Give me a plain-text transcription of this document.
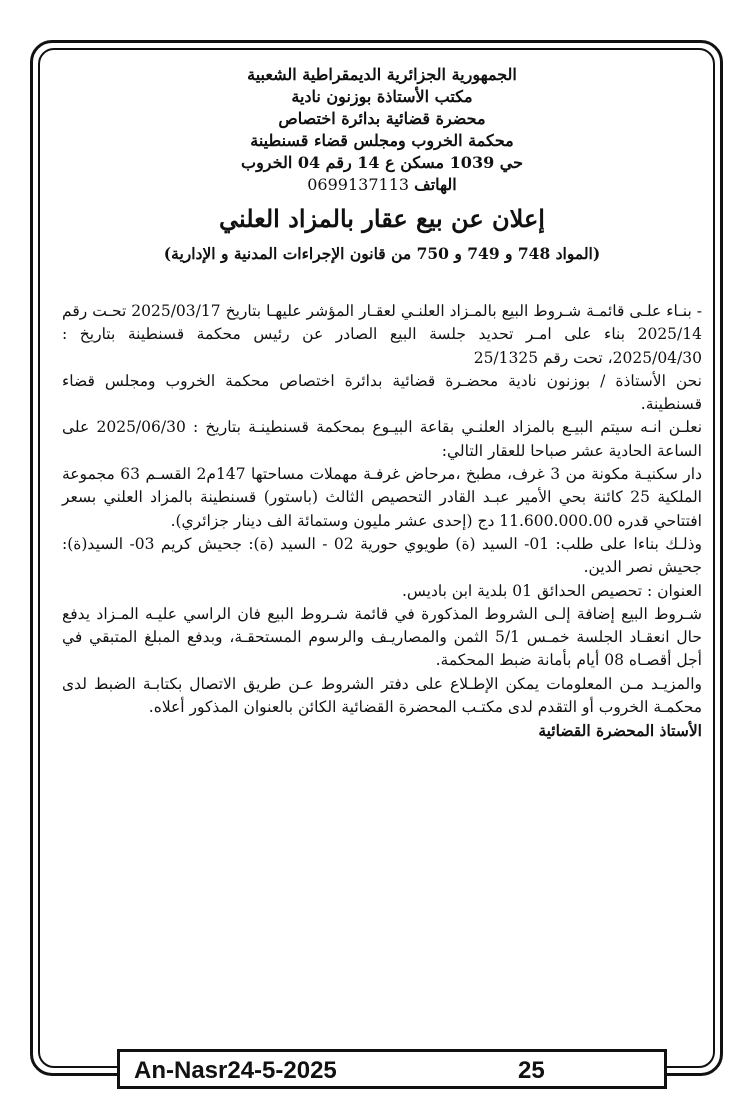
الجمهورية الجزائرية الديمقراطية الشعبية

مكتب الأستاذة بوزنون نادية

محضرة قضائية بدائرة اختصاص

محكمة الخروب ومجلس قضاء قسنطينة

حي 1039 مسكن ع 14 رقم 04 الخروب

الهاتف 0699137113

إعلان عن بيع عقار بالمزاد العلني

(المواد 748 و 749 و 750 من قانون الإجراءات المدنية و الإدارية)

- بنـاء علـى قائمـة شـروط البيع بالمـزاد العلنـي لعقـار المؤشر عليهـا بتاريخ 2025/03/17 تحـت رقم 2025/14 بناء على امـر تحديد جلسة البيع الصادر عن رئيس محكمة قسنطينة بتاريخ : 2025/04/30، تحت رقم 25/1325

نحن الأستاذة / بوزنون نادية محضـرة قضائية بدائرة اختصاص محكمة الخروب ومجلس قضاء قسنطينة.

نعلـن انـه سيتم البيـع بالمزاد العلنـي بقاعة البيـوع بمحكمة قسنطينـة بتاريخ : 2025/06/30 على الساعة الحادية عشر صباحا للعقار التالي:

دار سكنيـة مكونة من 3 غرف، مطبخ ،مرحاض غرفـة مهملات مساحتها 147م2 القسـم 63 مجموعة الملكية 25 كائنة بحي الأمير عبـد القادر التحصيص الثالث (باستور) قسنطينة بالمزاد العلني بسعر افتتاحي قدره 11.600.000.00 دج (إحدى عشر مليون وستمائة الف دينار جزائري).

وذلـك بناءا على طلب: 01- السيد (ة) طويوي حورية 02 - السيد (ة): جحيش كريم 03- السيد(ة): جحيش نصر الدين.

العنوان : تحصيص الحدائق 01 بلدية ابن باديس.

شـروط البيع إضافة إلـى الشروط المذكورة في قائمة شـروط البيع فان الراسي عليـه المـزاد يدفع حال انعقـاد الجلسة خمـس 5/1 الثمن والمصاريـف والرسوم المستحقـة، وبدفع المبلغ المتبقي في أجل أقصـاه 08 أيام بأمانة ضبط المحكمة.

والمزيـد مـن المعلومات يمكن الإطـلاع على دفتر الشروط عـن طريق الاتصال بكتابـة الضبط لدى محكمـة الخروب أو التقدم لدى مكتـب المحضرة القضائية الكائن بالعنوان المذكور أعلاه.

الأستاذ المحضرة القضائية

An-Nasr24-5-2025	25
